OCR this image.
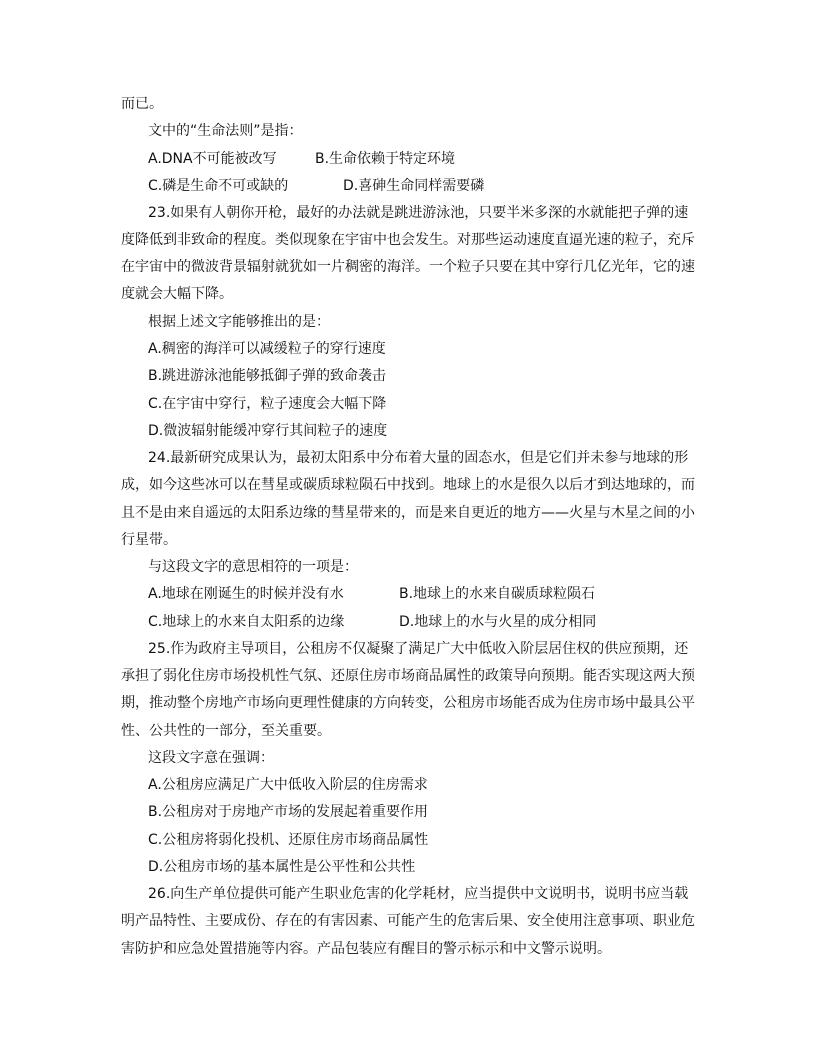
而已。
文中的“生命法则”是指：
A.DNA不可能被改写	B.生命依赖于特定环境
C.磷是生命不可或缺的	D.喜砷生命同样需要磷
23.如果有人朝你开枪，最好的办法就是跳进游泳池，只要半米多深的水就能把子弹的速
度降低到非致命的程度。类似现象在宇宙中也会发生。对那些运动速度直逼光速的粒子，充斥
在宇宙中的微波背景辐射就犹如一片稠密的海洋。一个粒子只要在其中穿行几亿光年，它的速
度就会大幅下降。
根据上述文字能够推出的是：
A.稠密的海洋可以减缓粒子的穿行速度
B.跳进游泳池能够抵御子弹的致命袭击
C.在宇宙中穿行，粒子速度会大幅下降
D.微波辐射能缓冲穿行其间粒子的速度
24.最新研究成果认为，最初太阳系中分布着大量的固态水，但是它们并未参与地球的形
成，如今这些冰可以在彗星或碳质球粒陨石中找到。地球上的水是很久以后才到达地球的，而
且不是由来自遥远的太阳系边缘的彗星带来的，而是来自更近的地方——火星与木星之间的小
行星带。
与这段文字的意思相符的一项是：
A.地球在刚诞生的时候并没有水	B.地球上的水来自碳质球粒陨石
C.地球上的水来自太阳系的边缘	D.地球上的水与火星的成分相同
25.作为政府主导项目，公租房不仅凝聚了满足广大中低收入阶层居住权的供应预期，还
承担了弱化住房市场投机性气氛、还原住房市场商品属性的政策导向预期。能否实现这两大预
期，推动整个房地产市场向更理性健康的方向转变，公租房市场能否成为住房市场中最具公平
性、公共性的一部分，至关重要。
这段文字意在强调：
A.公租房应满足广大中低收入阶层的住房需求
B.公租房对于房地产市场的发展起着重要作用
C.公租房将弱化投机、还原住房市场商品属性
D.公租房市场的基本属性是公平性和公共性
26.向生产单位提供可能产生职业危害的化学耗材，应当提供中文说明书，说明书应当载
明产品特性、主要成份、存在的有害因素、可能产生的危害后果、安全使用注意事项、职业危
害防护和应急处置措施等内容。产品包装应有醒目的警示标示和中文警示说明。
